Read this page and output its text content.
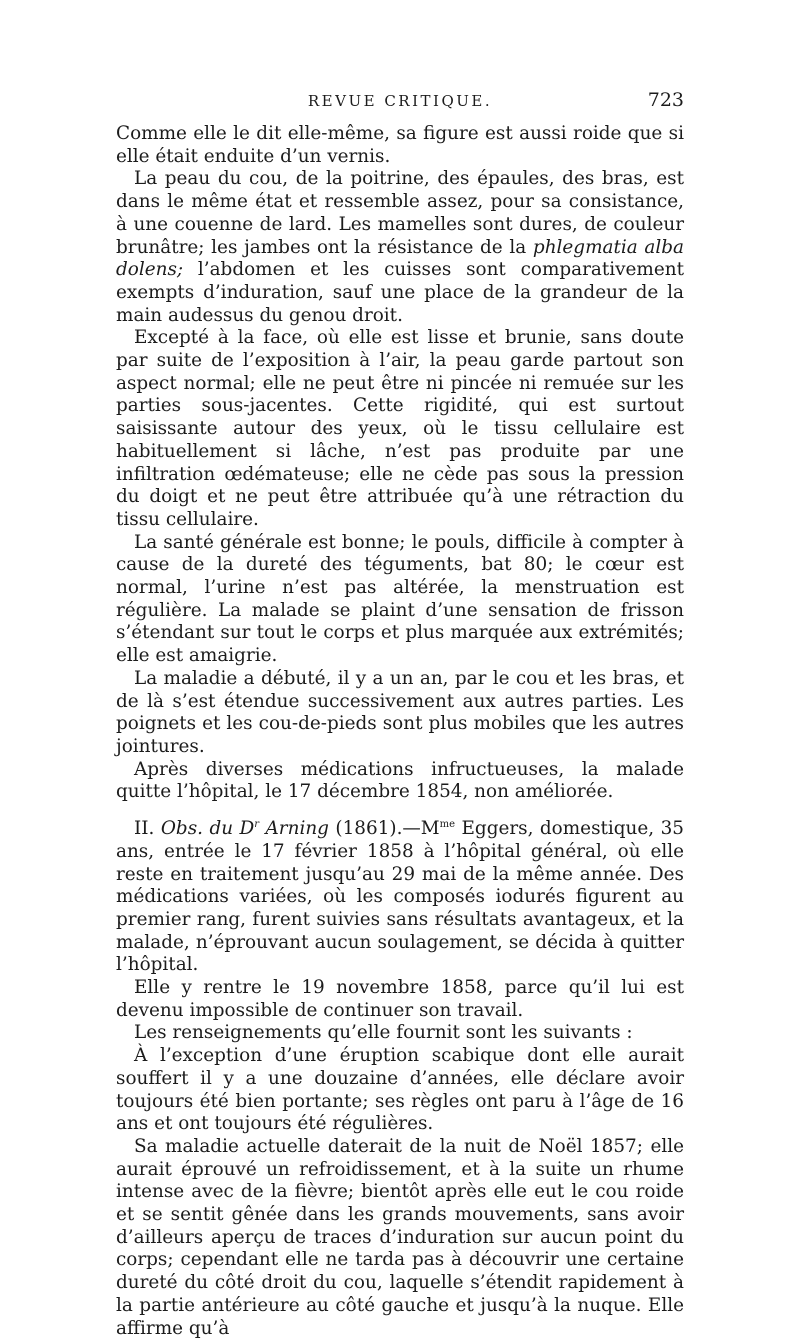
REVUE CRITIQUE.	723

Comme elle le dit elle-même, sa figure est aussi roide que si elle était enduite d’un vernis.

La peau du cou, de la poitrine, des épaules, des bras, est dans le même état et ressemble assez, pour sa consistance, à une couenne de lard. Les mamelles sont dures, de couleur brunâtre; les jambes ont la résistance de la phlegmatia alba dolens; l’abdomen et les cuisses sont comparativement exempts d’induration, sauf une place de la grandeur de la main audessus du genou droit.

Excepté à la face, où elle est lisse et brunie, sans doute par suite de l’exposition à l’air, la peau garde partout son aspect normal; elle ne peut être ni pincée ni remuée sur les parties sous-jacentes. Cette rigidité, qui est surtout saisissante autour des yeux, où le tissu cellulaire est habituellement si lâche, n’est pas produite par une infiltration œdémateuse; elle ne cède pas sous la pression du doigt et ne peut être attribuée qu’à une rétraction du tissu cellulaire.

La santé générale est bonne; le pouls, difficile à compter à cause de la dureté des téguments, bat 80; le cœur est normal, l’urine n’est pas altérée, la menstruation est régulière. La malade se plaint d’une sensation de frisson s’étendant sur tout le corps et plus marquée aux extrémités; elle est amaigrie.

La maladie a débuté, il y a un an, par le cou et les bras, et de là s’est étendue successivement aux autres parties. Les poignets et les cou-de-pieds sont plus mobiles que les autres jointures.

Après diverses médications infructueuses, la malade quitte l’hôpital, le 17 décembre 1854, non améliorée.

II. Obs. du $D^r$ Arning $(1861).—M^{me}$ Eggers, domestique, 35 ans, entrée le 17 février 1858 à l’hôpital général, où elle reste en traitement jusqu’au 29 mai de la même année. Des médications variées, où les composés iodurés figurent au premier rang, furent suivies sans résultats avantageux, et la malade, n’éprouvant aucun soulagement, se décida à quitter l’hôpital.

Elle y rentre le 19 novembre 1858, parce qu’il lui est devenu impossible de continuer son travail.

Les renseignements qu’elle fournit sont les suivants :

À l’exception d’une éruption scabique dont elle aurait souffert il y a une douzaine d’années, elle déclare avoir toujours été bien portante; ses règles ont paru à l’âge de 16 ans et ont toujours été régulières.

Sa maladie actuelle daterait de la nuit de Noël 1857; elle aurait éprouvé un refroidissement, et à la suite un rhume intense avec de la fièvre; bientôt après elle eut le cou roide et se sentit gênée dans les grands mouvements, sans avoir d’ailleurs aperçu de traces d’induration sur aucun point du corps; cependant elle ne tarda pas à découvrir une certaine dureté du côté droit du cou, laquelle s’étendit rapidement à la partie antérieure au côté gauche et jusqu’à la nuque. Elle affirme qu’à
